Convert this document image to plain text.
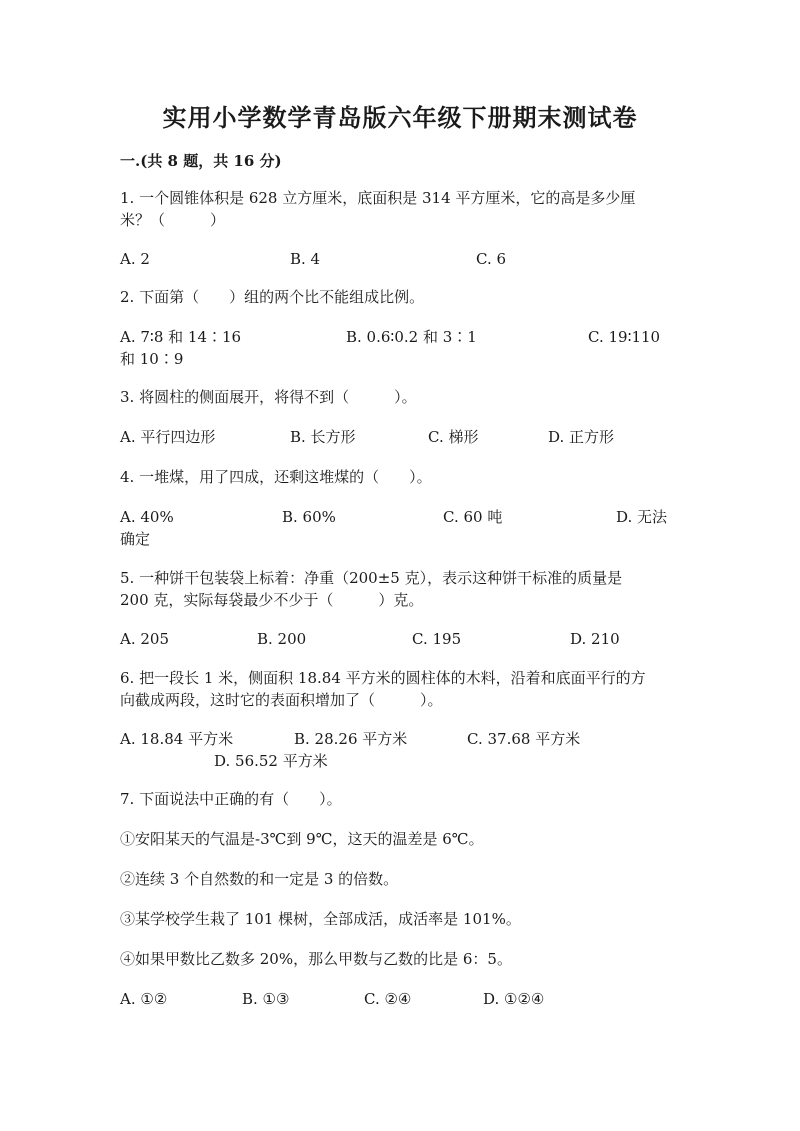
实用小学数学青岛版六年级下册期末测试卷
一.(共 8 题，共 16 分)
1. 一个圆锥体积是 628 立方厘米，底面积是 314 平方厘米，它的高是多少厘
米？（　　　）
A. 2	B. 4	C. 6
2. 下面第（　　）组的两个比不能组成比例。
A. 7∶8 和 14∶16	B. 0.6∶0.2 和 3∶1	C. 19∶110
和 10∶9
3. 将圆柱的侧面展开，将得不到（　　　）。
A. 平行四边形	B. 长方形	C. 梯形	D. 正方形
4. 一堆煤，用了四成，还剩这堆煤的（　　）。
A. 40%	B. 60%	C. 60 吨	D. 无法
确定
5. 一种饼干包装袋上标着：净重（200±5 克），表示这种饼干标准的质量是
200 克，实际每袋最少不少于（　　　）克。
A. 205	B. 200	C. 195	D. 210
6. 把一段长 1 米，侧面积 18.84 平方米的圆柱体的木料，沿着和底面平行的方
向截成两段，这时它的表面积增加了（　　　）。
A. 18.84 平方米	B. 28.26 平方米	C. 37.68 平方米
D. 56.52 平方米
7. 下面说法中正确的有（　　）。
①安阳某天的气温是-3℃到 9℃，这天的温差是 6℃。
②连续 3 个自然数的和一定是 3 的倍数。
③某学校学生栽了 101 棵树，全部成活，成活率是 101%。
④如果甲数比乙数多 20%，那么甲数与乙数的比是 6：5。
A. ①②	B. ①③	C. ②④	D. ①②④
